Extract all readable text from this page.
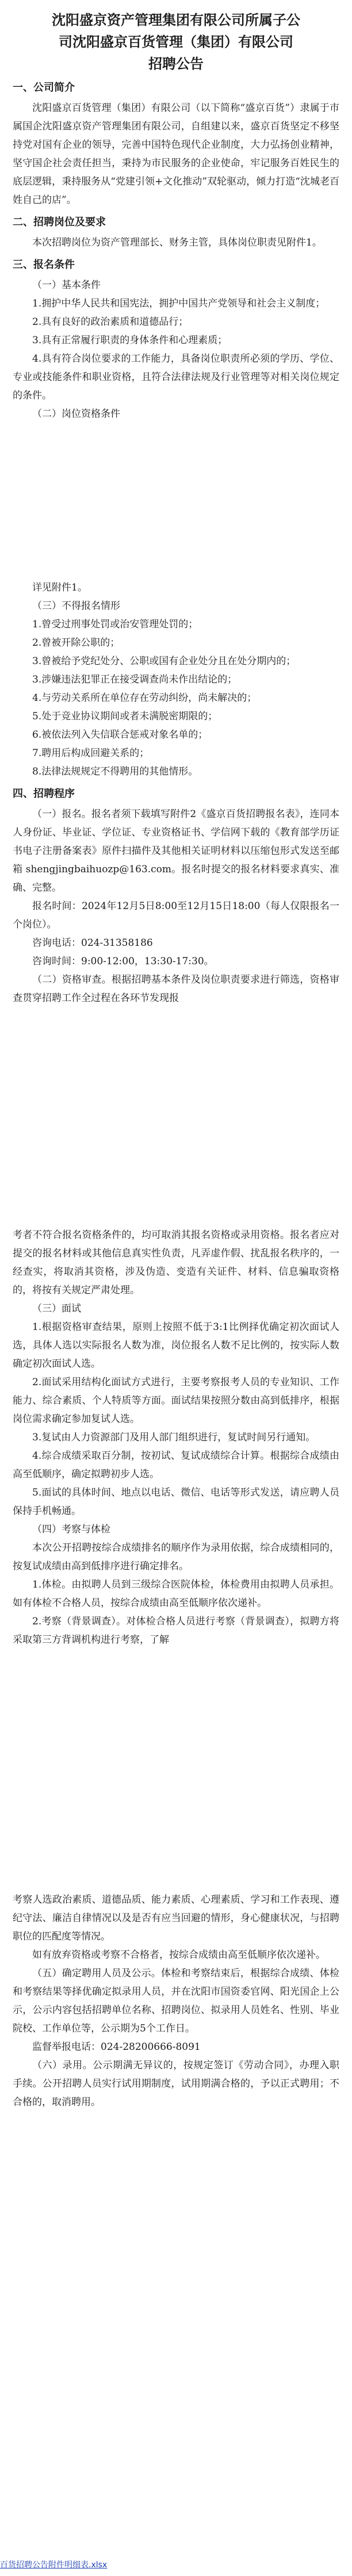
沈阳盛京资产管理集团有限公司所属子公
司沈阳盛京百货管理（集团）有限公司
招聘公告
一、公司简介

沈阳盛京百货管理（集团）有限公司（以下简称“盛京百货”）隶属于市属国企沈阳盛京资产管理集团有限公司，自组建以来，盛京百货坚定不移坚持党对国有企业的领导，完善中国特色现代企业制度，大力弘扬创业精神，坚守国企社会责任担当，秉持为市民服务的企业使命，牢记服务百姓民生的底层逻辑，秉持服务从“党建引领+文化推动”双轮驱动，倾力打造“沈城老百姓自己的店”。

二、招聘岗位及要求

本次招聘岗位为资产管理部长、财务主管，具体岗位职责见附件1。

三、报名条件

（一）基本条件

1.拥护中华人民共和国宪法，拥护中国共产党领导和社会主义制度；

2.具有良好的政治素质和道德品行；

3.具有正常履行职责的身体条件和心理素质；

4.具有符合岗位要求的工作能力，具备岗位职责所必须的学历、学位、专业或技能条件和职业资格，且符合法律法规及行业管理等对相关岗位规定的条件。

（二）岗位资格条件

详见附件1。

（三）不得报名情形

1.曾受过刑事处罚或治安管理处罚的；

2.曾被开除公职的；

3.曾被给予党纪处分、公职或国有企业处分且在处分期内的；

3.涉嫌违法犯罪正在接受调查尚未作出结论的；

4.与劳动关系所在单位存在劳动纠纷，尚未解决的；

5.处于竞业协议期间或者未满脱密期限的；

6.被依法列入失信联合惩戒对象名单的；

7.聘用后构成回避关系的；

8.法律法规规定不得聘用的其他情形。

四、招聘程序

（一）报名。报名者须下载填写附件2《盛京百货招聘报名表》，连同本人身份证、毕业证、学位证、专业资格证书、学信网下载的《教育部学历证书电子注册备案表》原件扫描件及其他相关证明材料以压缩包形式发送至邮箱 shengjingbaihuozp@163.com。报名时提交的报名材料要求真实、准确、完整。

报名时间：2024年12月5日8:00至12月15日18:00（每人仅限报名一个岗位）。

咨询电话：024-31358186

咨询时间：9:00-12:00，13:30-17:30。

（二）资格审查。根据招聘基本条件及岗位职责要求进行筛选，资格审查贯穿招聘工作全过程在各环节发现报

考者不符合报名资格条件的，均可取消其报名资格或录用资格。报名者应对提交的报名材料或其他信息真实性负责，凡弄虚作假、扰乱报名秩序的，一经查实，将取消其资格，涉及伪造、变造有关证件、材料、信息骗取资格的，将按有关规定严肃处理。

（三）面试

1.根据资格审查结果，原则上按照不低于3:1比例择优确定初次面试人选，具体人选以实际报名人数为准，岗位报名人数不足比例的，按实际人数确定初次面试人选。

2.面试采用结构化面试方式进行，主要考察报考人员的专业知识、工作能力、综合素质、个人特质等方面。面试结果按照分数由高到低排序，根据岗位需求确定参加复试人选。

3.复试由人力资源部门及用人部门组织进行，复试时间另行通知。

4.综合成绩采取百分制，按初试、复试成绩综合计算。根据综合成绩由高至低顺序，确定拟聘初步人选。

5.面试的具体时间、地点以电话、微信、电话等形式发送，请应聘人员保持手机畅通。

（四）考察与体检

本次公开招聘按综合成绩排名的顺序作为录用依据，综合成绩相同的，按复试成绩由高到低排序进行确定排名。

1.体检。由拟聘人员到三级综合医院体检，体检费用由拟聘人员承担。如有体检不合格人员，按综合成绩由高至低顺序依次递补。

2.考察（背景调查）。对体检合格人员进行考察（背景调查），拟聘方将采取第三方背调机构进行考察，了解

考察人选政治素质、道德品质、能力素质、心理素质、学习和工作表现、遵纪守法、廉洁自律情况以及是否有应当回避的情形，身心健康状况，与招聘职位的匹配度等情况。

如有放弃资格或考察不合格者，按综合成绩由高至低顺序依次递补。

（五）确定聘用人员及公示。体检和考察结束后，根据综合成绩、体检和考察结果等择优确定拟录用人员，并在沈阳市国资委官网、阳光国企上公示，公示内容包括招聘单位名称、招聘岗位、拟录用人员姓名、性别、毕业院校、工作单位等，公示期为5个工作日。

监督举报电话：024-28200666-8091

（六）录用。公示期满无异议的，按规定签订《劳动合同》，办理入职手续。公开招聘人员实行试用期制度，试用期满合格的，予以正式聘用；不合格的，取消聘用。

百货招聘公告附件明细表.xlsx
